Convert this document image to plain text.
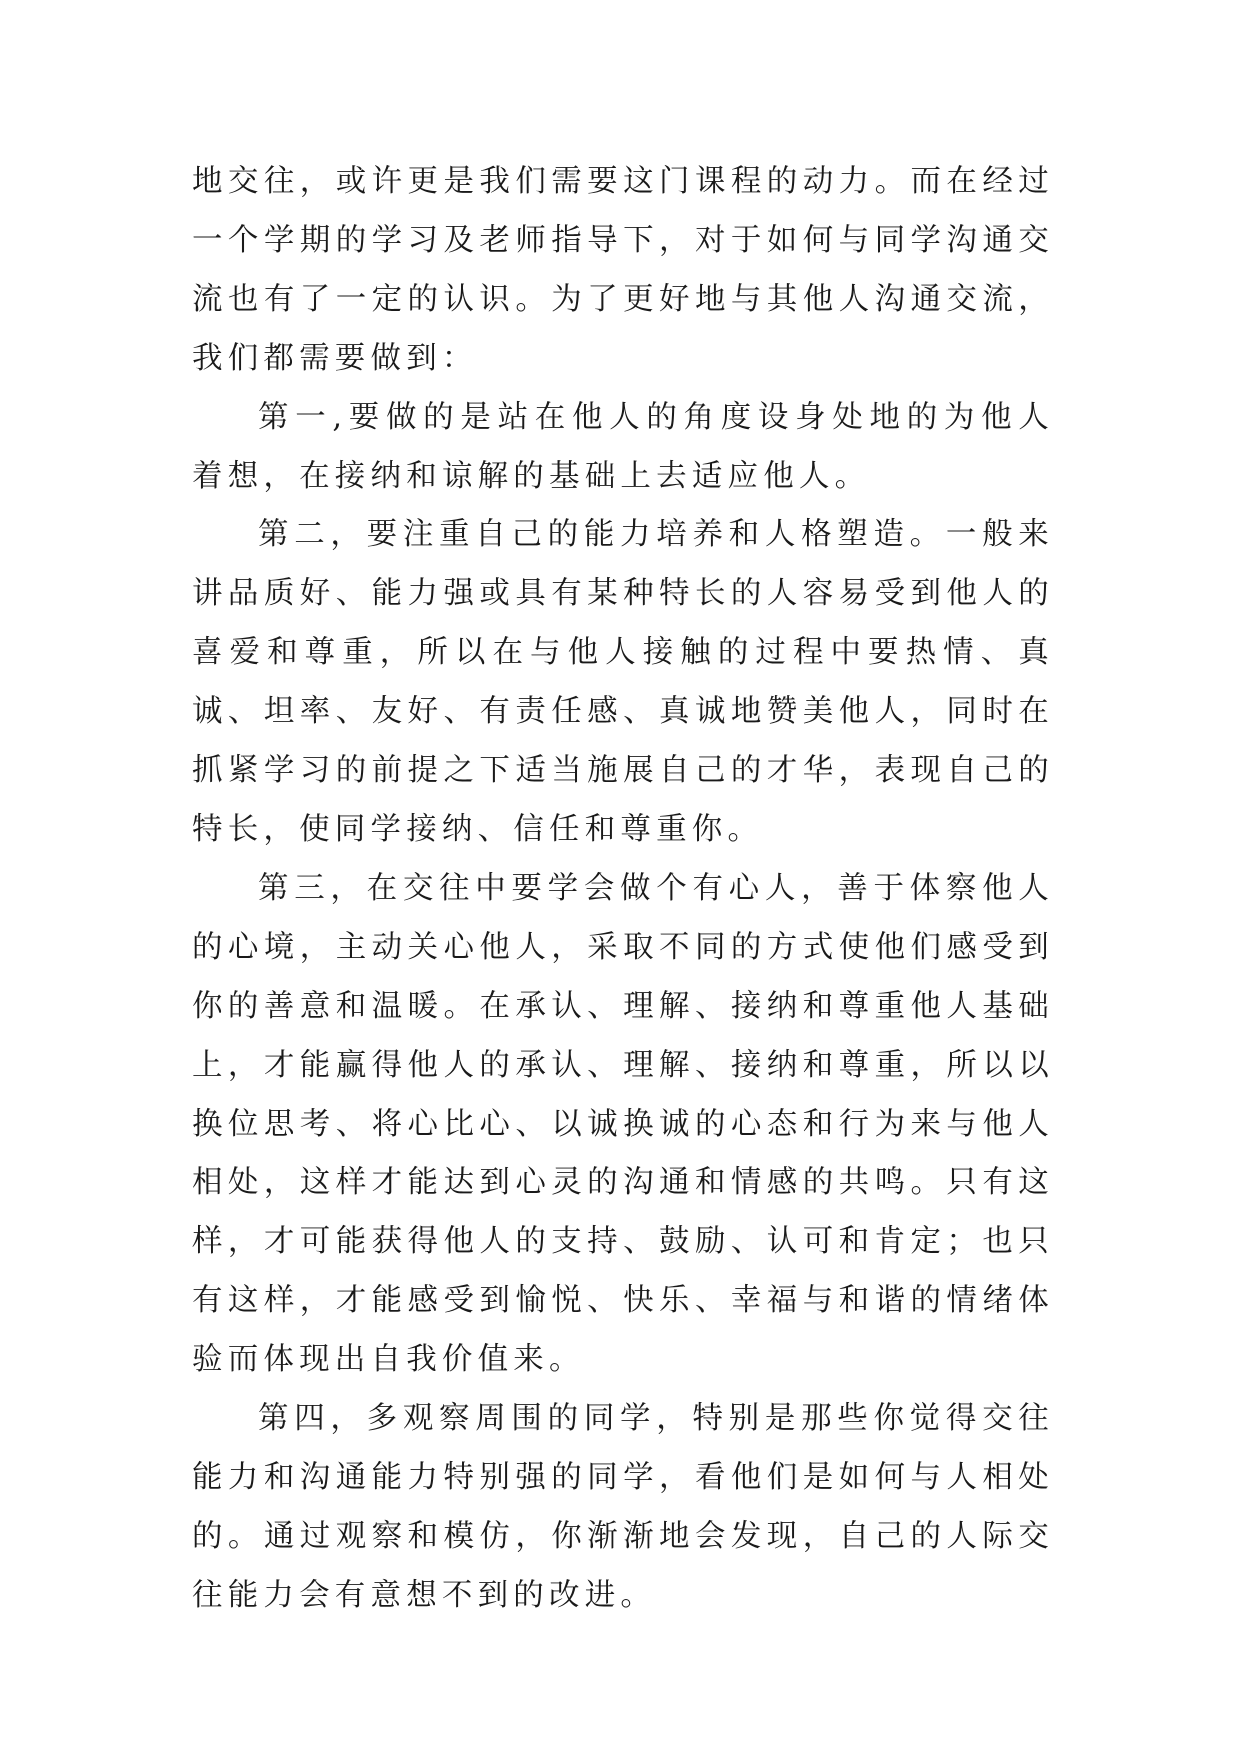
地交往，或许更是我们需要这门课程的动力。而在经过一个学期的学习及老师指导下，对于如何与同学沟通交流也有了一定的认识。为了更好地与其他人沟通交流，我们都需要做到：

第一,要做的是站在他人的角度设身处地的为他人着想，在接纳和谅解的基础上去适应他人。

第二，要注重自己的能力培养和人格塑造。一般来讲品质好、能力强或具有某种特长的人容易受到他人的喜爱和尊重，所以在与他人接触的过程中要热情、真诚、坦率、友好、有责任感、真诚地赞美他人，同时在抓紧学习的前提之下适当施展自己的才华，表现自己的特长，使同学接纳、信任和尊重你。

第三，在交往中要学会做个有心人，善于体察他人的心境，主动关心他人，采取不同的方式使他们感受到你的善意和温暖。在承认、理解、接纳和尊重他人基础上，才能赢得他人的承认、理解、接纳和尊重，所以以换位思考、将心比心、以诚换诚的心态和行为来与他人相处，这样才能达到心灵的沟通和情感的共鸣。只有这样，才可能获得他人的支持、鼓励、认可和肯定；也只有这样，才能感受到愉悦、快乐、幸福与和谐的情绪体验而体现出自我价值来。

第四，多观察周围的同学，特别是那些你觉得交往能力和沟通能力特别强的同学，看他们是如何与人相处的。通过观察和模仿，你渐渐地会发现，自己的人际交往能力会有意想不到的改进。
